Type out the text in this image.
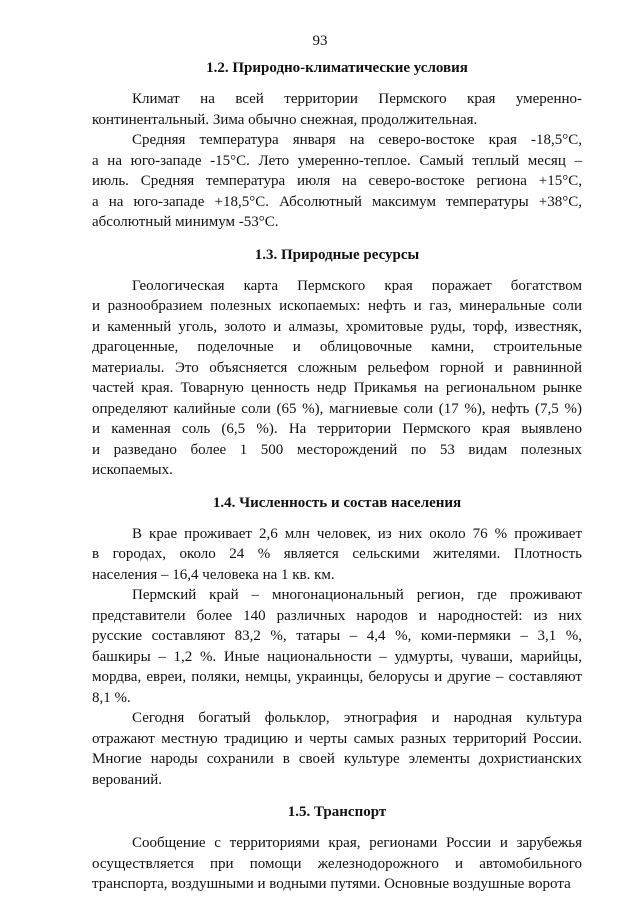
93
1.2. Природно-климатические условия
Климат на всей территории Пермского края умеренно-
континентальный. Зима обычно снежная, продолжительная.
Средняя температура января на северо-востоке края -18,5°С,
а на юго-западе -15°С. Лето умеренно-теплое. Самый теплый месяц –
июль. Средняя температура июля на северо-востоке региона +15°С,
а на юго-западе +18,5°С. Абсолютный максимум температуры +38°С,
абсолютный минимум -53°С.
1.3. Природные ресурсы
Геологическая карта Пермского края поражает богатством
и разнообразием полезных ископаемых: нефть и газ, минеральные соли
и каменный уголь, золото и алмазы, хромитовые руды, торф, известняк,
драгоценные, поделочные и облицовочные камни, строительные
материалы. Это объясняется сложным рельефом горной и равнинной
частей края. Товарную ценность недр Прикамья на региональном рынке
определяют калийные соли (65 %), магниевые соли (17 %), нефть (7,5 %)
и каменная соль (6,5 %). На территории Пермского края выявлено
и разведано более 1 500 месторождений по 53 видам полезных
ископаемых.
1.4. Численность и состав населения
В крае проживает 2,6 млн человек, из них около 76 % проживает
в городах, около 24 % является сельскими жителями. Плотность
населения – 16,4 человека на 1 кв. км.
Пермский край – многонациональный регион, где проживают
представители более 140 различных народов и народностей: из них
русские составляют 83,2 %, татары – 4,4 %, коми-пермяки – 3,1 %,
башкиры – 1,2 %. Иные национальности – удмурты, чуваши, марийцы,
мордва, евреи, поляки, немцы, украинцы, белорусы и другие – составляют
8,1 %.
Сегодня богатый фольклор, этнография и народная культура
отражают местную традицию и черты самых разных территорий России.
Многие народы сохранили в своей культуре элементы дохристианских
верований.
1.5. Транспорт
Сообщение с территориями края, регионами России и зарубежья
осуществляется при помощи железнодорожного и автомобильного
транспорта, воздушными и водными путями. Основные воздушные ворота
